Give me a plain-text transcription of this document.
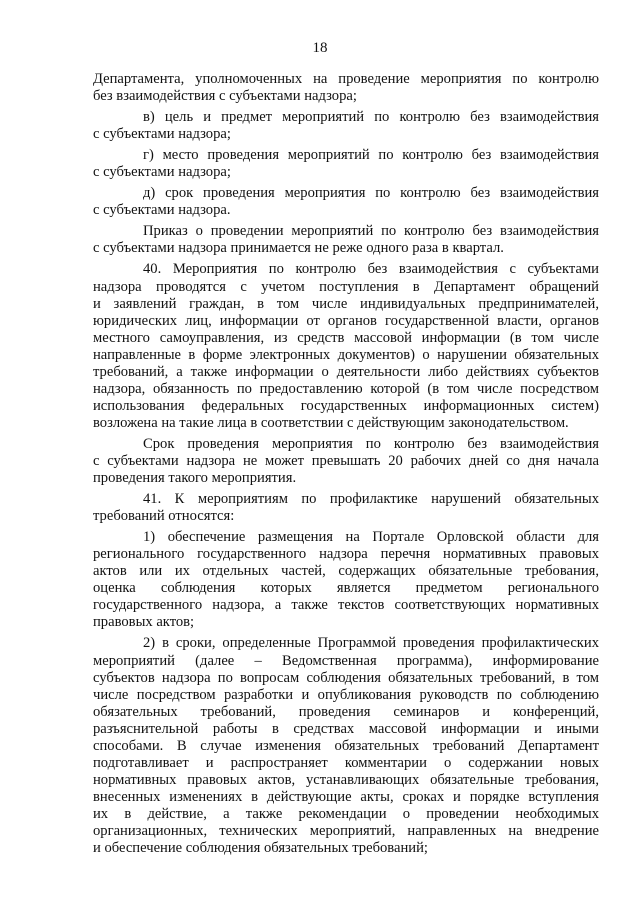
18
Департамента, уполномоченных на проведение мероприятия по контролю
без взаимодействия с субъектами надзора;
в) цель и предмет мероприятий по контролю без взаимодействия
с субъектами надзора;
г) место проведения мероприятий по контролю без взаимодействия
с субъектами надзора;
д) срок проведения мероприятия по контролю без взаимодействия
с субъектами надзора.
Приказ о проведении мероприятий по контролю без взаимодействия
с субъектами надзора принимается не реже одного раза в квартал.
40. Мероприятия по контролю без взаимодействия с субъектами
надзора проводятся с учетом поступления в Департамент обращений
и заявлений граждан, в том числе индивидуальных предпринимателей,
юридических лиц, информации от органов государственной власти, органов
местного самоуправления, из средств массовой информации (в том числе
направленные в форме электронных документов) о нарушении обязательных
требований, а также информации о деятельности либо действиях субъектов
надзора, обязанность по предоставлению которой (в том числе посредством
использования федеральных государственных информационных систем)
возложена на такие лица в соответствии с действующим законодательством.
Срок проведения мероприятия по контролю без взаимодействия
с субъектами надзора не может превышать 20 рабочих дней со дня начала
проведения такого мероприятия.
41. К мероприятиям по профилактике нарушений обязательных
требований относятся:
1) обеспечение размещения на Портале Орловской области для
регионального государственного надзора перечня нормативных правовых
актов или их отдельных частей, содержащих обязательные требования,
оценка соблюдения которых является предметом регионального
государственного надзора, а также текстов соответствующих нормативных
правовых актов;
2) в сроки, определенные Программой проведения профилактических
мероприятий (далее – Ведомственная программа), информирование
субъектов надзора по вопросам соблюдения обязательных требований, в том
числе посредством разработки и опубликования руководств по соблюдению
обязательных требований, проведения семинаров и конференций,
разъяснительной работы в средствах массовой информации и иными
способами. В случае изменения обязательных требований Департамент
подготавливает и распространяет комментарии о содержании новых
нормативных правовых актов, устанавливающих обязательные требования,
внесенных изменениях в действующие акты, сроках и порядке вступления
их в действие, а также рекомендации о проведении необходимых
организационных, технических мероприятий, направленных на внедрение
и обеспечение соблюдения обязательных требований;
